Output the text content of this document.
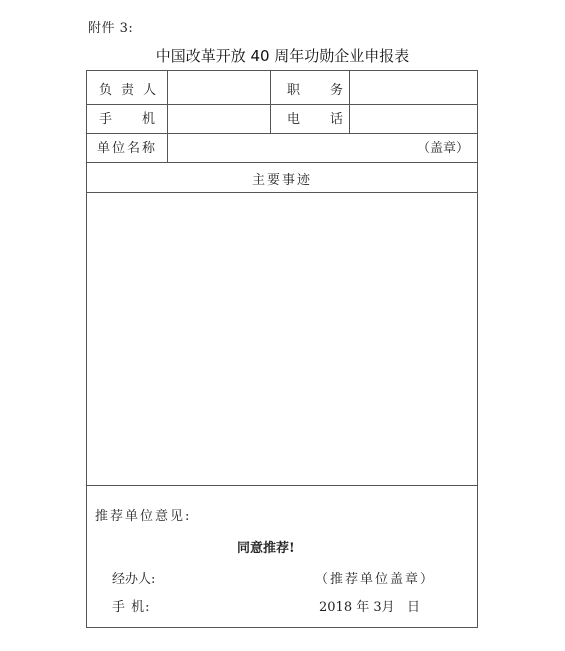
附件 3:
中国改革开放 40 周年功勋企业申报表
负责人	职务
手机	电话
单位名称	（盖章）
主要事迹
推荐单位意见:
同意推荐!
经办人:	（推荐单位盖章）
手 机:	2018 年 3月   日
